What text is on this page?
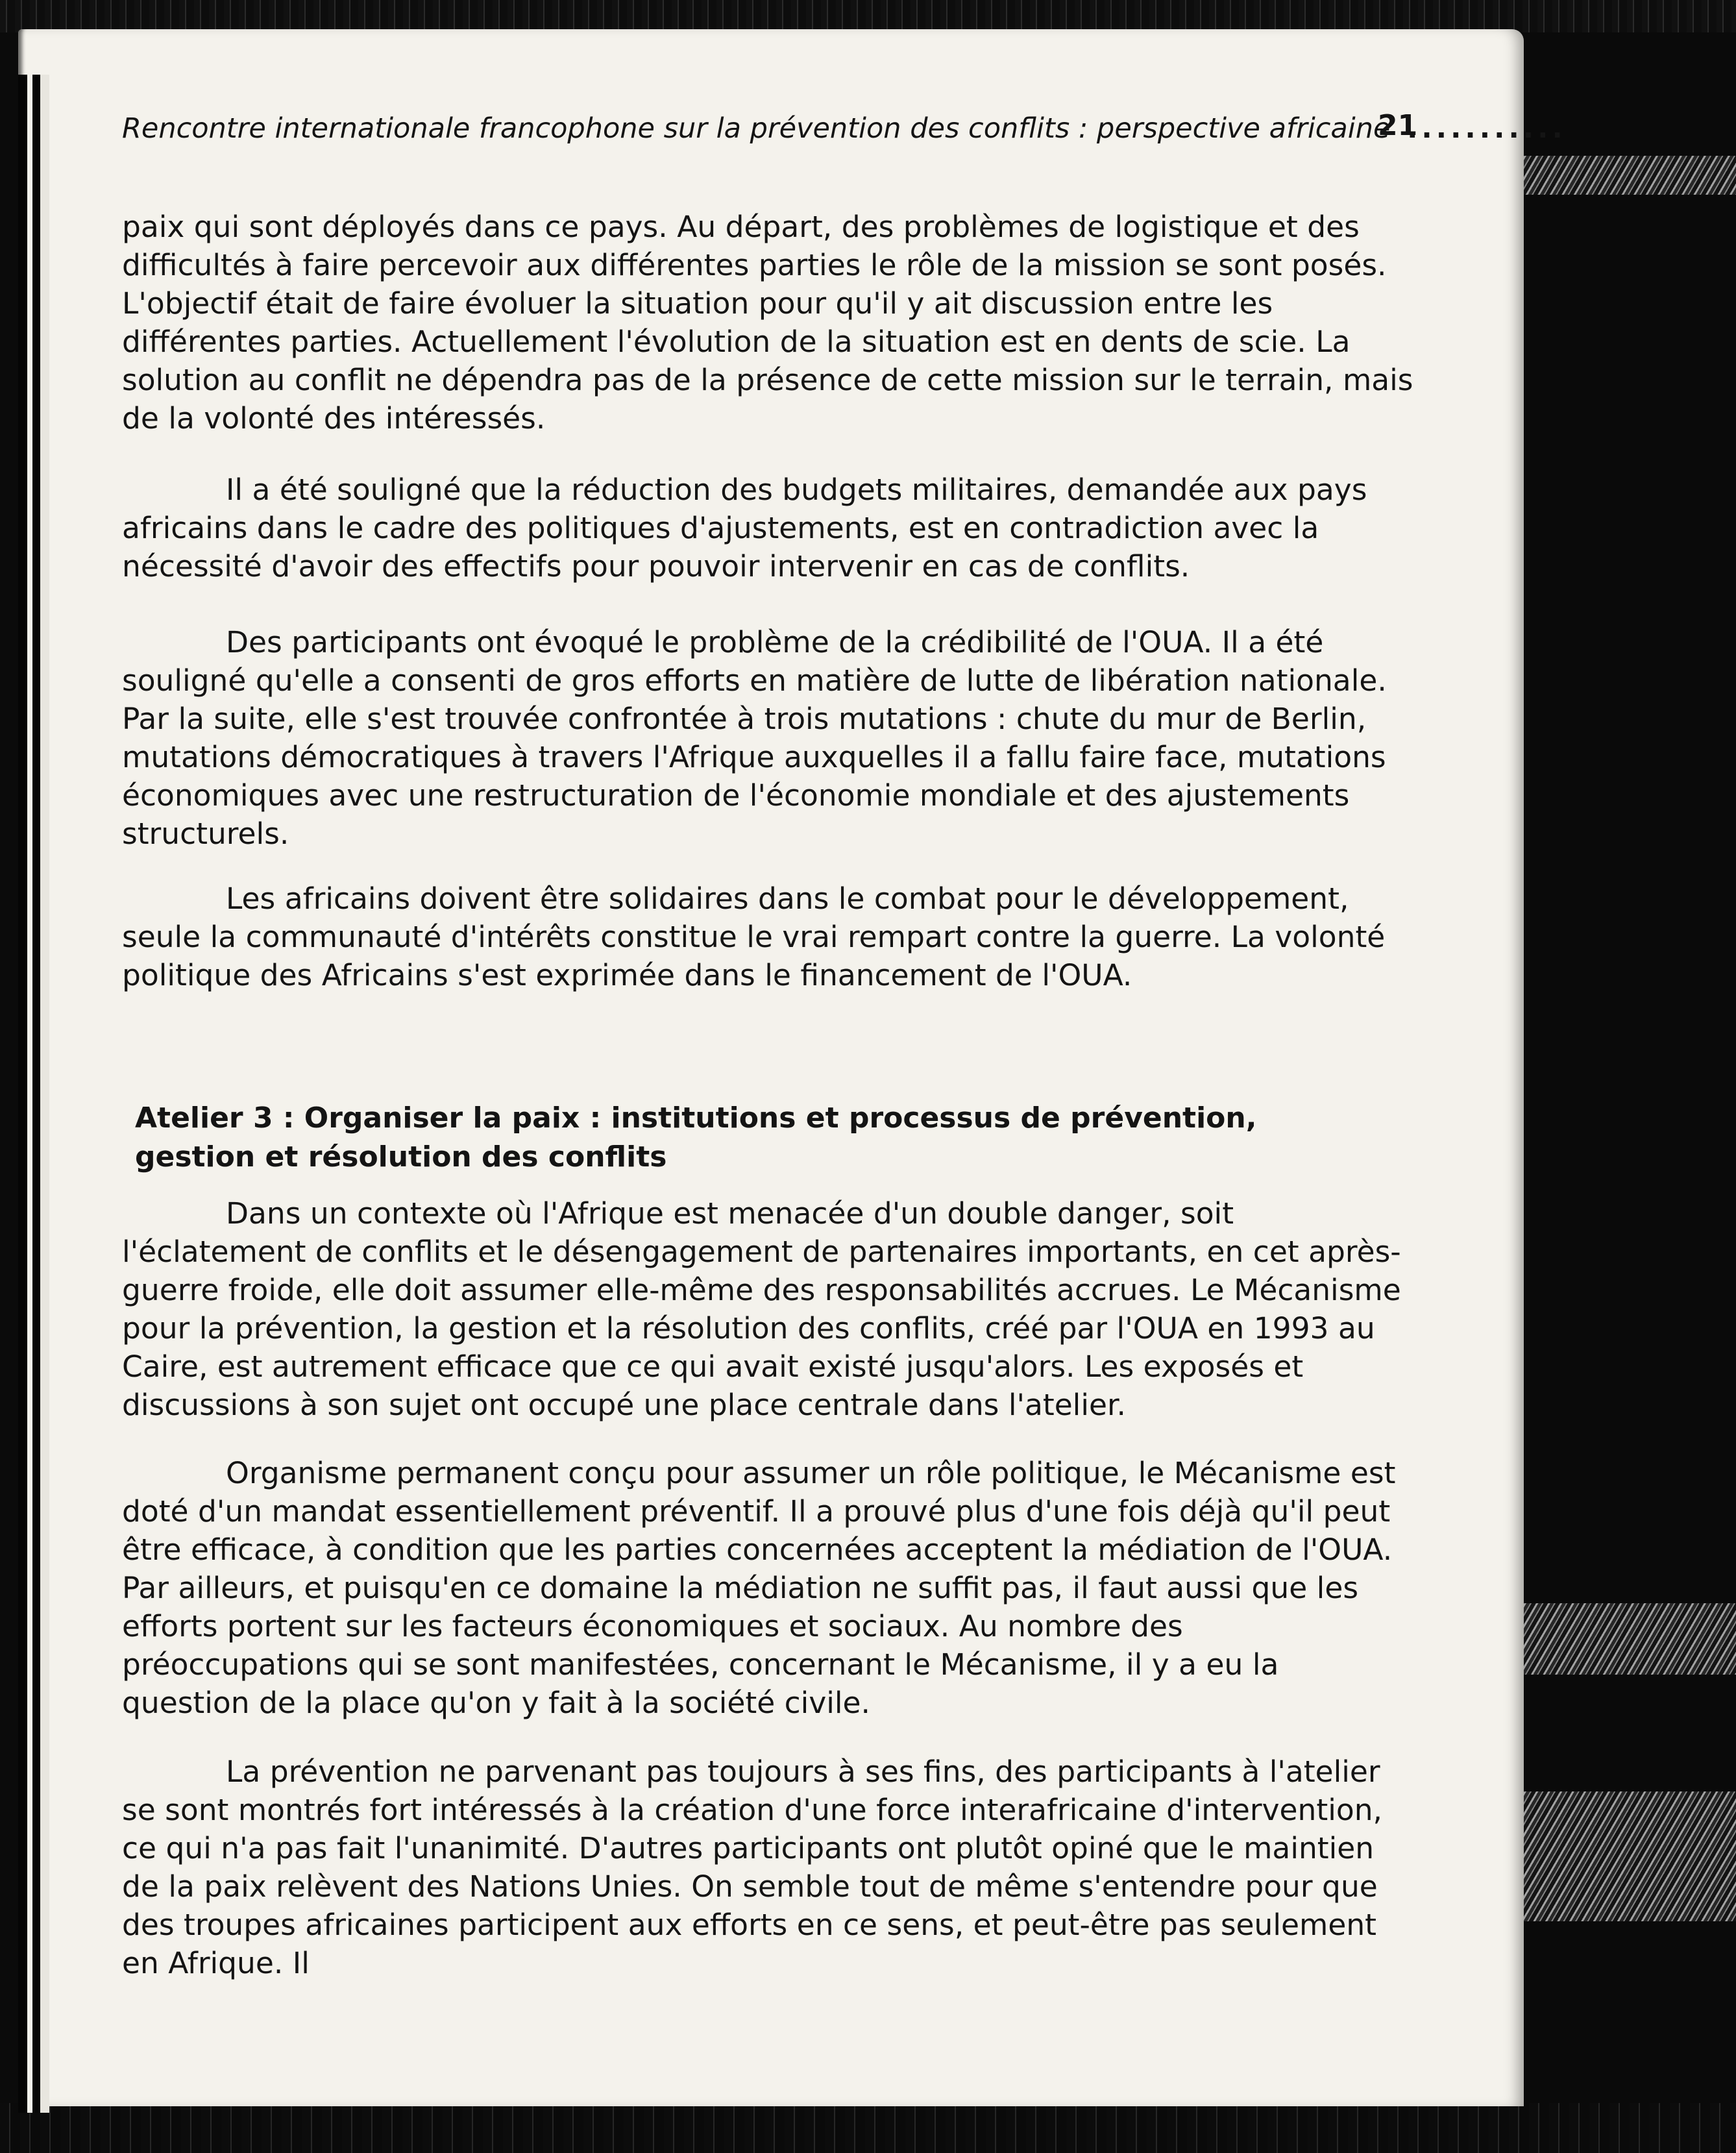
Rencontre internationale francophone sur la prévention des conflits : perspective africaine ...........
21

paix qui sont déployés dans ce pays. Au départ, des problèmes de logistique et des difficultés à faire percevoir aux différentes parties le rôle de la mission se sont posés. L'objectif était de faire évoluer la situation pour qu'il y ait discussion entre les différentes parties. Actuellement l'évolution de la situation est en dents de scie. La solution au conflit ne dépendra pas de la présence de cette mission sur le terrain, mais de la volonté des intéressés.

Il a été souligné que la réduction des budgets militaires, demandée aux pays africains dans le cadre des politiques d'ajustements, est en contradiction avec la nécessité d'avoir des effectifs pour pouvoir intervenir en cas de conflits.

Des participants ont évoqué le problème de la crédibilité de l'OUA. Il a été souligné qu'elle a consenti de gros efforts en matière de lutte de libération nationale. Par la suite, elle s'est trouvée confrontée à trois mutations : chute du mur de Berlin, mutations démocratiques à travers l'Afrique auxquelles il a fallu faire face, mutations économiques avec une restructuration de l'économie mondiale et des ajustements structurels.

Les africains doivent être solidaires dans le combat pour le développement, seule la communauté d'intérêts constitue le vrai rempart contre la guerre. La volonté politique des Africains s'est exprimée dans le financement de l'OUA.

Atelier 3 : Organiser la paix : institutions et processus de prévention, gestion et résolution des conflits

Dans un contexte où l'Afrique est menacée d'un double danger, soit l'éclatement de conflits et le désengagement de partenaires importants, en cet après-guerre froide, elle doit assumer elle-même des responsabilités accrues. Le Mécanisme pour la prévention, la gestion et la résolution des conflits, créé par l'OUA en 1993 au Caire, est autrement efficace que ce qui avait existé jusqu'alors. Les exposés et discussions à son sujet ont occupé une place centrale dans l'atelier.

Organisme permanent conçu pour assumer un rôle politique, le Mécanisme est doté d'un mandat essentiellement préventif. Il a prouvé plus d'une fois déjà qu'il peut être efficace, à condition que les parties concernées acceptent la médiation de l'OUA. Par ailleurs, et puisqu'en ce domaine la médiation ne suffit pas, il faut aussi que les efforts portent sur les facteurs économiques et sociaux. Au nombre des préoccupations qui se sont manifestées, concernant le Mécanisme, il y a eu la question de la place qu'on y fait à la société civile.

La prévention ne parvenant pas toujours à ses fins, des participants à l'atelier se sont montrés fort intéressés à la création d'une force interafricaine d'intervention, ce qui n'a pas fait l'unanimité. D'autres participants ont plutôt opiné que le maintien de la paix relèvent des Nations Unies. On semble tout de même s'entendre pour que des troupes africaines participent aux efforts en ce sens, et peut-être pas seulement en Afrique. Il
